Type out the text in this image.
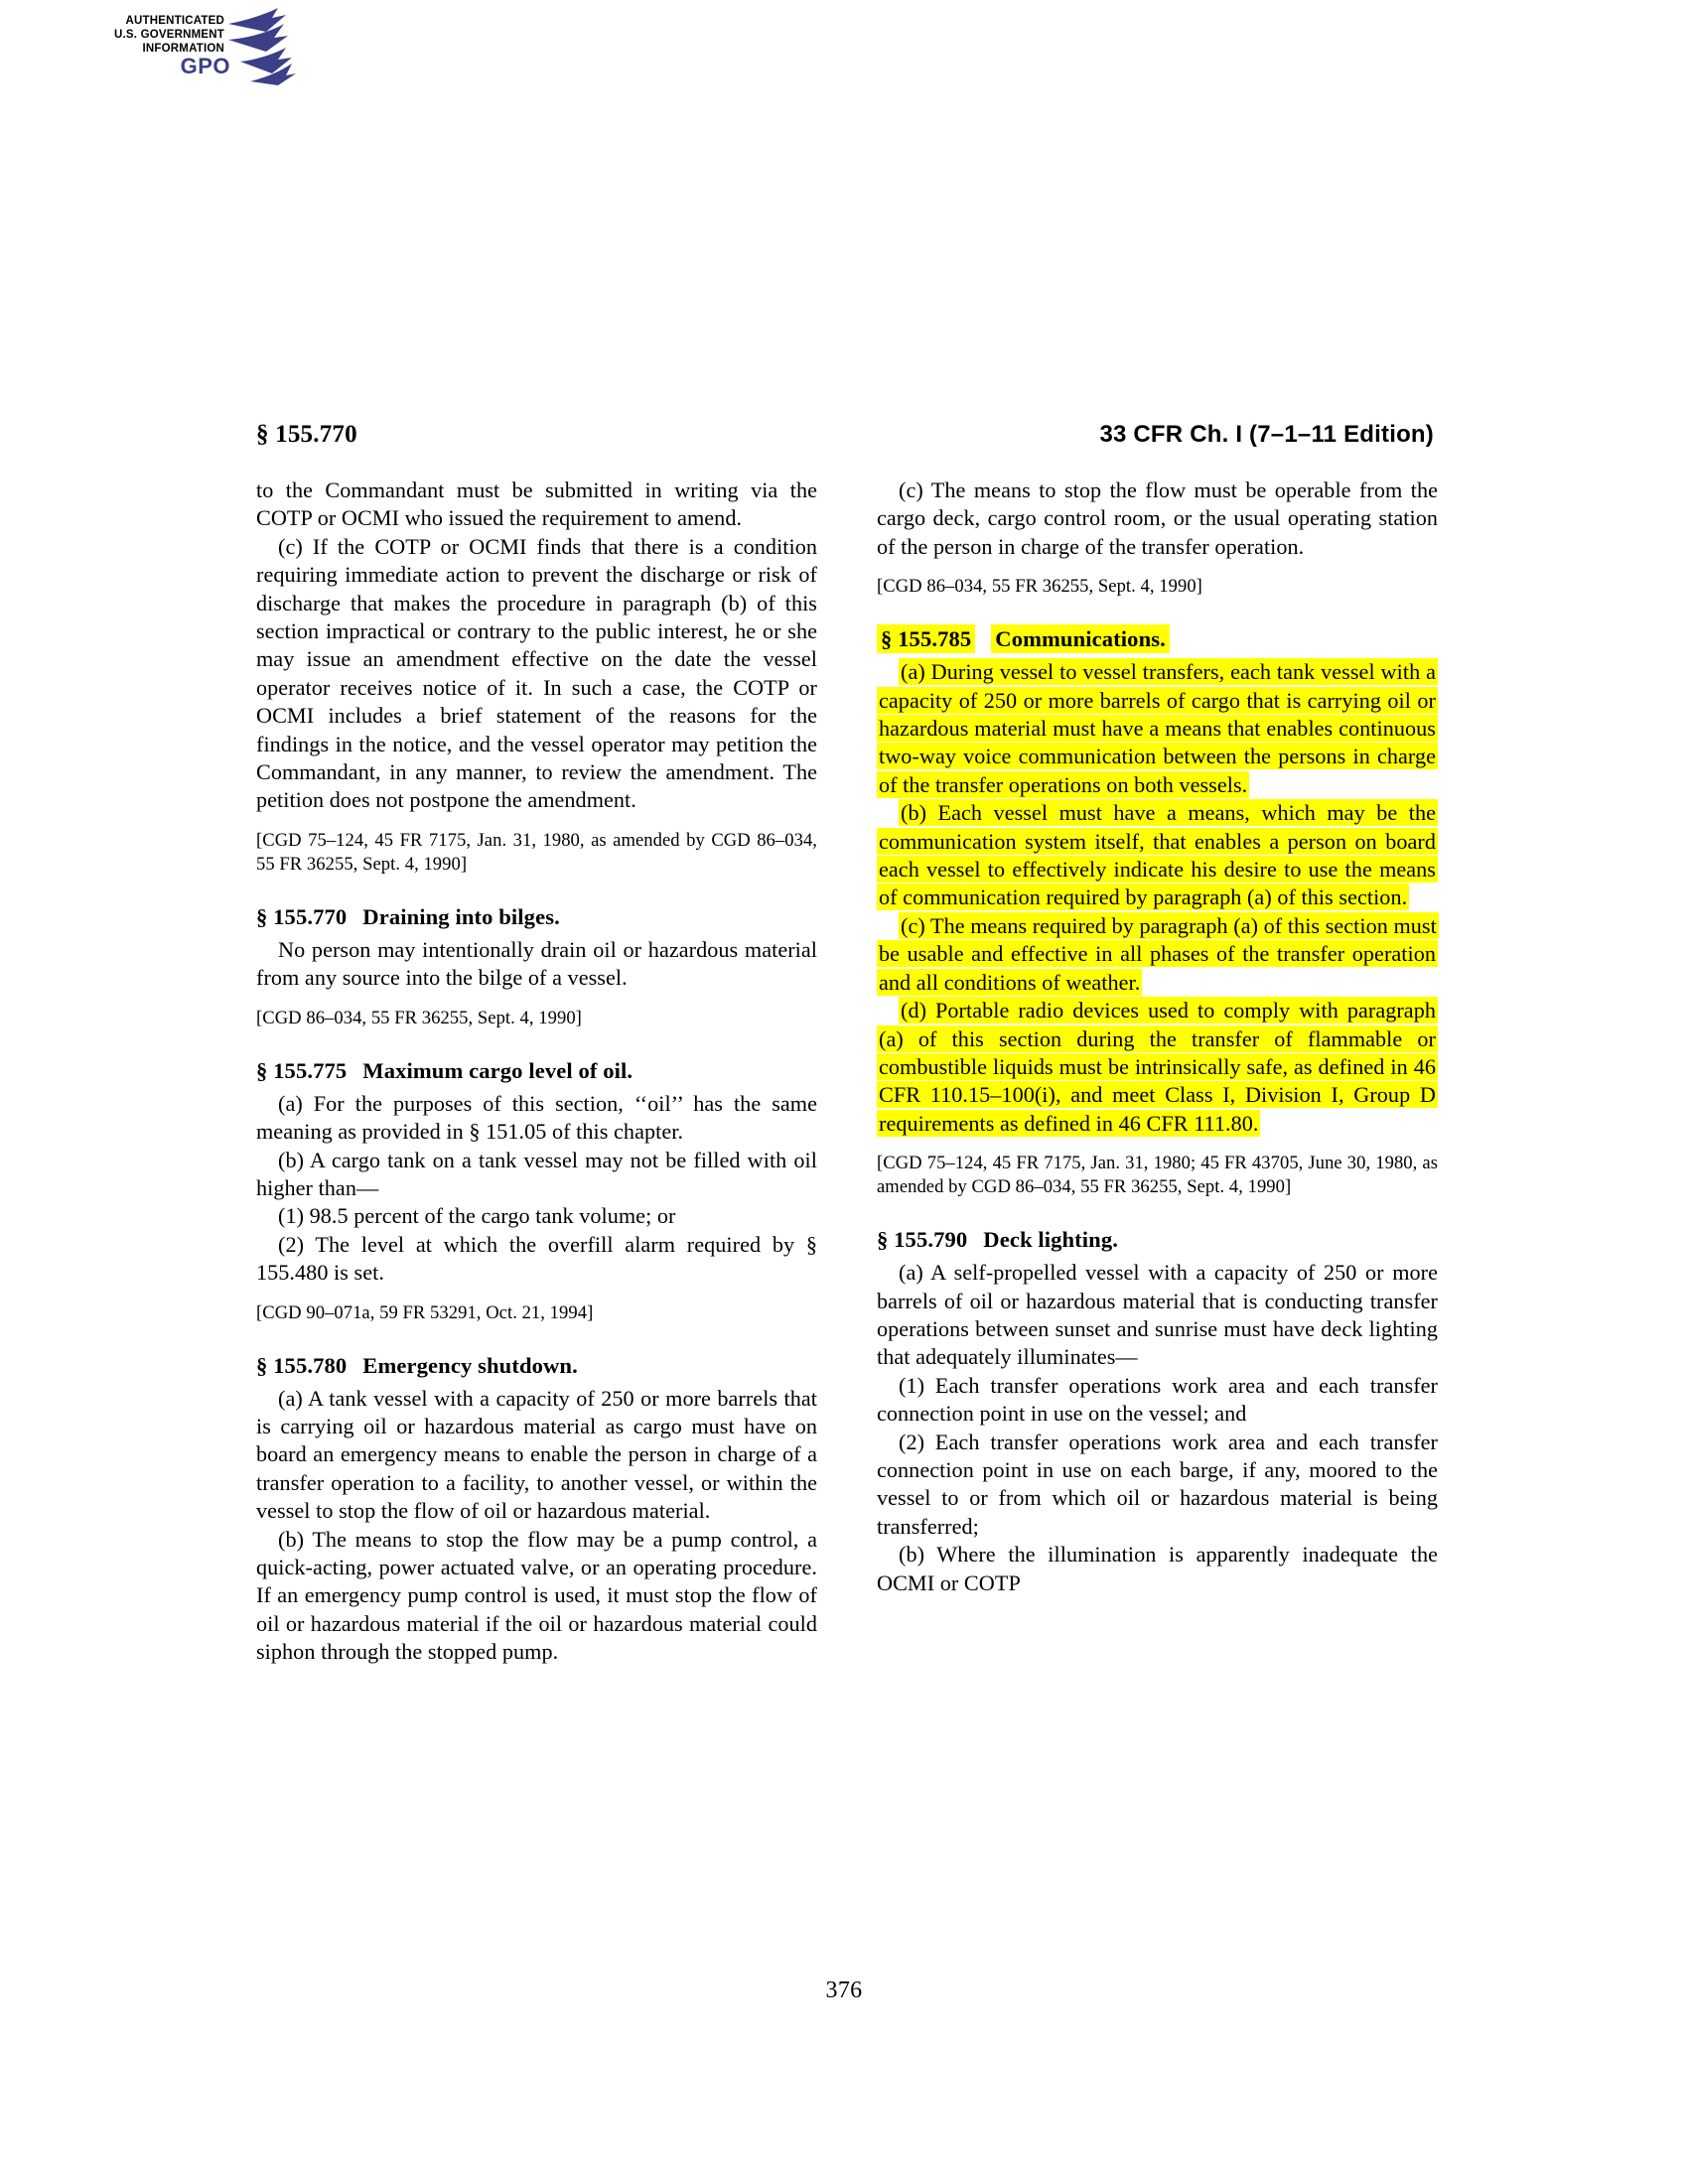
AUTHENTICATED
U.S. GOVERNMENT
INFORMATION
GPO
§ 155.770	33 CFR Ch. I (7–1–11 Edition)

to the Commandant must be submitted in writing via the COTP or OCMI who issued the requirement to amend.

(c) If the COTP or OCMI finds that there is a condition requiring immediate action to prevent the discharge or risk of discharge that makes the procedure in paragraph (b) of this section impractical or contrary to the public interest, he or she may issue an amendment effective on the date the vessel operator receives notice of it. In such a case, the COTP or OCMI includes a brief statement of the reasons for the findings in the notice, and the vessel operator may petition the Commandant, in any manner, to review the amendment. The petition does not postpone the amendment.

[CGD 75–124, 45 FR 7175, Jan. 31, 1980, as amended by CGD 86–034, 55 FR 36255, Sept. 4, 1990]

§ 155.770 Draining into bilges.

No person may intentionally drain oil or hazardous material from any source into the bilge of a vessel.

[CGD 86–034, 55 FR 36255, Sept. 4, 1990]

§ 155.775 Maximum cargo level of oil.

(a) For the purposes of this section, ‘‘oil’’ has the same meaning as provided in § 151.05 of this chapter.

(b) A cargo tank on a tank vessel may not be filled with oil higher than—

(1) 98.5 percent of the cargo tank volume; or

(2) The level at which the overfill alarm required by § 155.480 is set.

[CGD 90–071a, 59 FR 53291, Oct. 21, 1994]

§ 155.780 Emergency shutdown.

(a) A tank vessel with a capacity of 250 or more barrels that is carrying oil or hazardous material as cargo must have on board an emergency means to enable the person in charge of a transfer operation to a facility, to another vessel, or within the vessel to stop the flow of oil or hazardous material.

(b) The means to stop the flow may be a pump control, a quick-acting, power actuated valve, or an operating procedure. If an emergency pump control is used, it must stop the flow of oil or hazardous material if the oil or hazardous material could siphon through the stopped pump.

(c) The means to stop the flow must be operable from the cargo deck, cargo control room, or the usual operating station of the person in charge of the transfer operation.

[CGD 86–034, 55 FR 36255, Sept. 4, 1990]

§ 155.785 Communications.

(a) During vessel to vessel transfers, each tank vessel with a capacity of 250 or more barrels of cargo that is carrying oil or hazardous material must have a means that enables continuous two-way voice communication between the persons in charge of the transfer operations on both vessels.

(b) Each vessel must have a means, which may be the communication system itself, that enables a person on board each vessel to effectively indicate his desire to use the means of communication required by paragraph (a) of this section.

(c) The means required by paragraph (a) of this section must be usable and effective in all phases of the transfer operation and all conditions of weather.

(d) Portable radio devices used to comply with paragraph (a) of this section during the transfer of flammable or combustible liquids must be intrinsically safe, as defined in 46 CFR 110.15–100(i), and meet Class I, Division I, Group D requirements as defined in 46 CFR 111.80.

[CGD 75–124, 45 FR 7175, Jan. 31, 1980; 45 FR 43705, June 30, 1980, as amended by CGD 86–034, 55 FR 36255, Sept. 4, 1990]

§ 155.790 Deck lighting.

(a) A self-propelled vessel with a capacity of 250 or more barrels of oil or hazardous material that is conducting transfer operations between sunset and sunrise must have deck lighting that adequately illuminates—

(1) Each transfer operations work area and each transfer connection point in use on the vessel; and

(2) Each transfer operations work area and each transfer connection point in use on each barge, if any, moored to the vessel to or from which oil or hazardous material is being transferred;

(b) Where the illumination is apparently inadequate the OCMI or COTP

376
